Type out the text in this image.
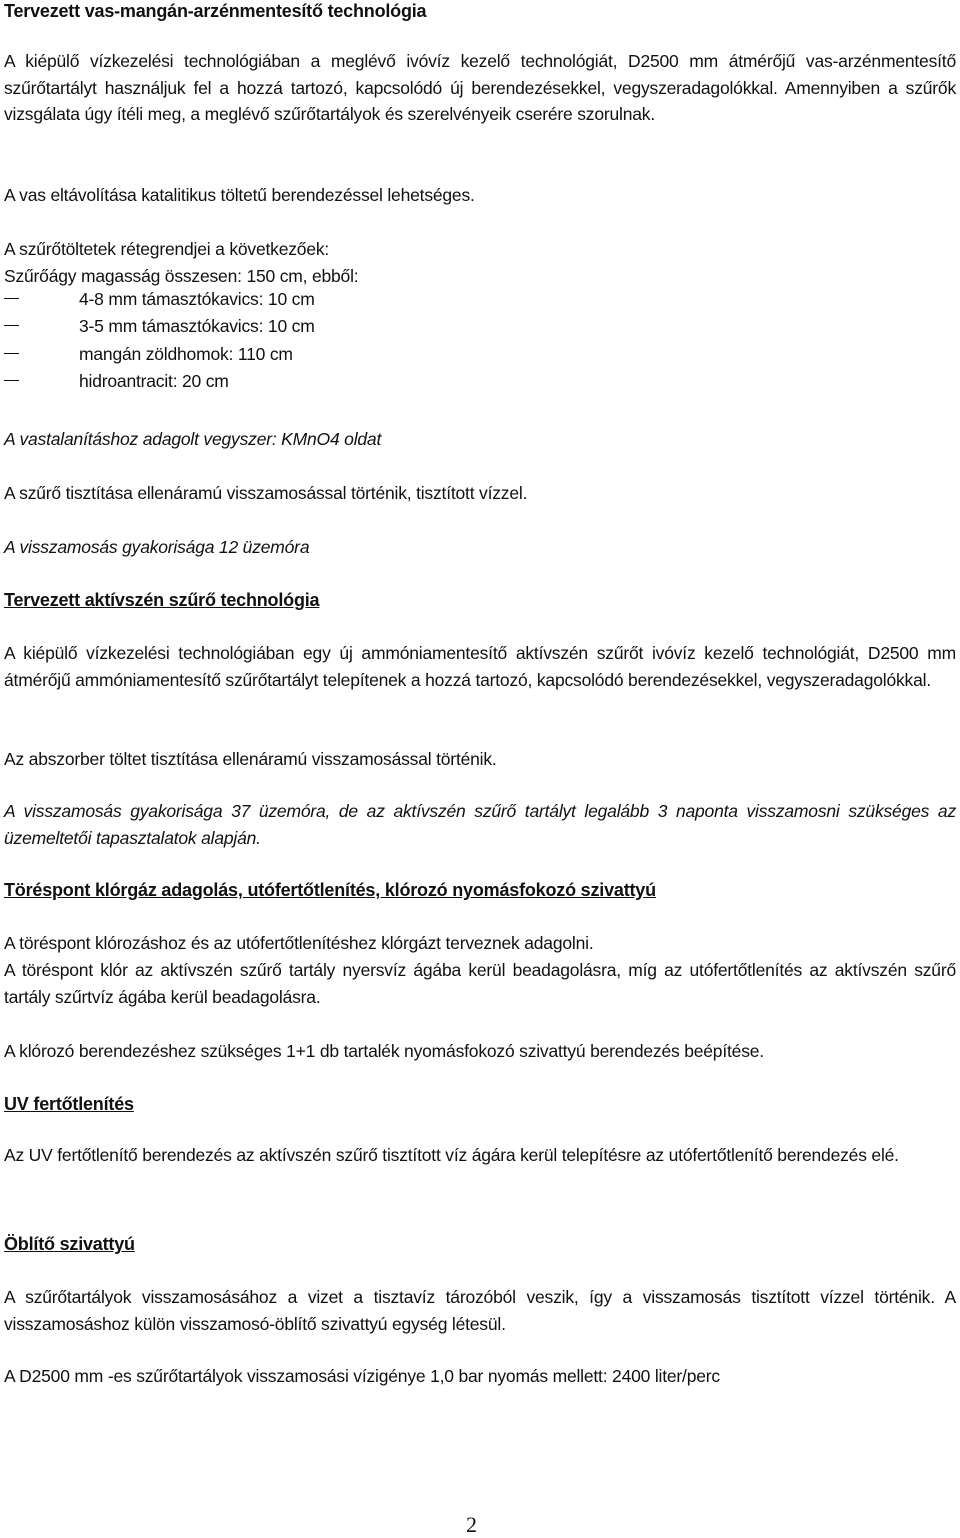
Tervezett vas-mangán-arzénmentesítő technológia

A kiépülő vízkezelési technológiában a meglévő ivóvíz kezelő technológiát, D2500 mm átmérőjű vas-arzénmentesítő szűrőtartályt használjuk fel a hozzá tartozó, kapcsolódó új berendezésekkel, vegyszeradagolókkal. Amennyiben a szűrők vizsgálata úgy ítéli meg, a meglévő szűrőtartályok és szerelvényeik cserére szorulnak.

A vas eltávolítása katalitikus töltetű berendezéssel lehetséges.

A szűrőtöltetek rétegrendjei a következőek:

Szűrőágy magasság összesen: 150 cm, ebből:

4-8 mm támasztókavics: 10 cm
3-5 mm támasztókavics: 10 cm
mangán zöldhomok: 110 cm
hidroantracit: 20 cm

A vastalanításhoz adagolt vegyszer: KMnO4 oldat

A szűrő tisztítása ellenáramú visszamosással történik, tisztított vízzel.

A visszamosás gyakorisága 12 üzemóra

Tervezett aktívszén szűrő technológia

A kiépülő vízkezelési technológiában egy új ammóniamentesítő aktívszén szűrőt ivóvíz kezelő technológiát, D2500 mm átmérőjű ammóniamentesítő szűrőtartályt telepítenek a hozzá tartozó, kapcsolódó berendezésekkel, vegyszeradagolókkal.

Az abszorber töltet tisztítása ellenáramú visszamosással történik.

A visszamosás gyakorisága 37 üzemóra, de az aktívszén szűrő tartályt legalább 3 naponta visszamosni szükséges az üzemeltetői tapasztalatok alapján.

Töréspont klórgáz adagolás, utófertőtlenítés, klórozó nyomásfokozó szivattyú

A töréspont klórozáshoz és az utófertőtlenítéshez klórgázt terveznek adagolni.

A töréspont klór az aktívszén szűrő tartály nyersvíz ágába kerül beadagolásra, míg az utófertőtlenítés az aktívszén szűrő tartály szűrtvíz ágába kerül beadagolásra.

A klórozó berendezéshez szükséges 1+1 db tartalék nyomásfokozó szivattyú berendezés beépítése.

UV fertőtlenítés

Az UV fertőtlenítő berendezés az aktívszén szűrő tisztított víz ágára kerül telepítésre az utófertőtlenítő berendezés elé.

Öblítő szivattyú

A szűrőtartályok visszamosásához a vizet a tisztavíz tározóból veszik, így a visszamosás tisztított vízzel történik. A visszamosáshoz külön visszamosó-öblítő szivattyú egység létesül.

A D2500 mm -es szűrőtartályok visszamosási vízigénye 1,0 bar nyomás mellett: 2400 liter/perc

2
